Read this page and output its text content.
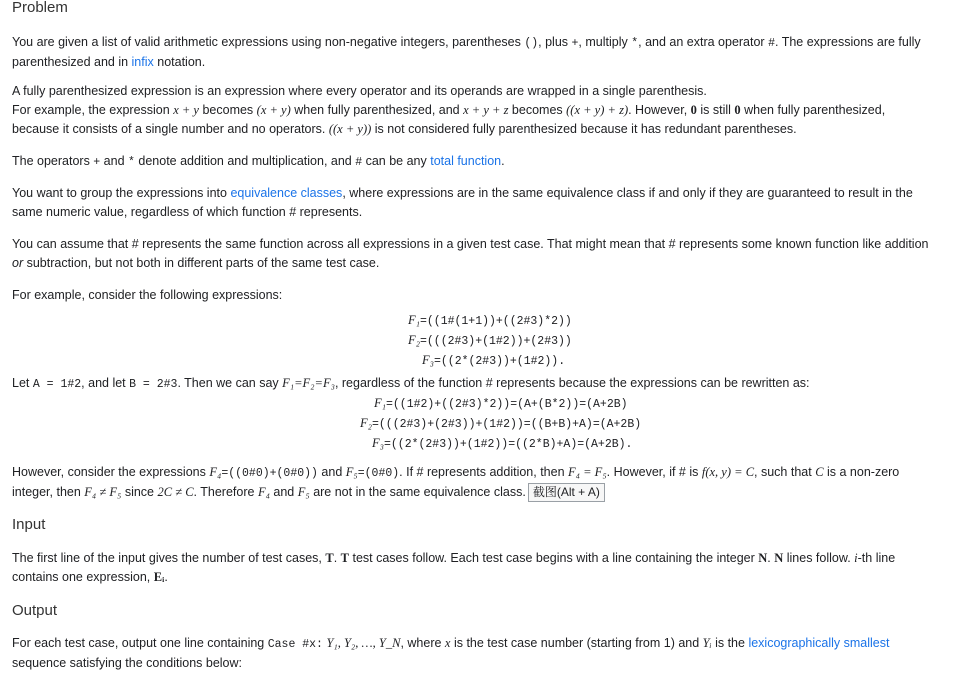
Problem

You are given a list of valid arithmetic expressions using non-negative integers, parentheses (), plus +, multiply *, and an extra operator #. The expressions are fully
parenthesized and in infix notation.

A fully parenthesized expression is an expression where every operator and its operands are wrapped in a single parenthesis.
For example, the expression x + y becomes (x + y) when fully parenthesized, and x + y + z becomes ((x + y) + z). However, 0 is still 0 when fully parenthesized,
because it consists of a single number and no operators. ((x + y)) is not considered fully parenthesized because it has redundant parentheses.

The operators + and * denote addition and multiplication, and # can be any total function.

You want to group the expressions into equivalence classes, where expressions are in the same equivalence class if and only if they are guaranteed to result in the
same numeric value, regardless of which function # represents.

You can assume that # represents the same function across all expressions in a given test case. That might mean that # represents some known function like addition
or subtraction, but not both in different parts of the same test case.

For example, consider the following expressions:

F₁=((1#(1+1))+((2#3)*2))
F₂=(((2#3)+(1#2))+(2#3))
F₃=((2*(2#3))+(1#2)).

Let A = 1#2, and let B = 2#3. Then we can say F₁=F₂=F₃, regardless of the function # represents because the expressions can be rewritten as:

F₁=((1#2)+((2#3)*2))=(A+(B*2))=(A+2B)
F₂=(((2#3)+(2#3))+(1#2))=((B+B)+A)=(A+2B)
F₃=((2*(2#3))+(1#2))=((2*B)+A)=(A+2B).

However, consider the expressions F₄=((0#0)+(0#0)) and F₅=(0#0). If # represents addition, then F₄ = F₅. However, if # is f(x, y) = C, such that C is a non-zero
integer, then F₄ ≠ F₅ since 2C ≠ C. Therefore F₄ and F₅ are not in the same equivalence class. 截图(Alt + A)

Input

The first line of the input gives the number of test cases, T. T test cases follow. Each test case begins with a line containing the integer N. N lines follow. i-th line
contains one expression, Eᵢ.

Output

For each test case, output one line containing Case #x: Y₁, Y₂, …, Y_N, where x is the test case number (starting from 1) and Yᵢ is the lexicographically smallest
sequence satisfying the conditions below:
